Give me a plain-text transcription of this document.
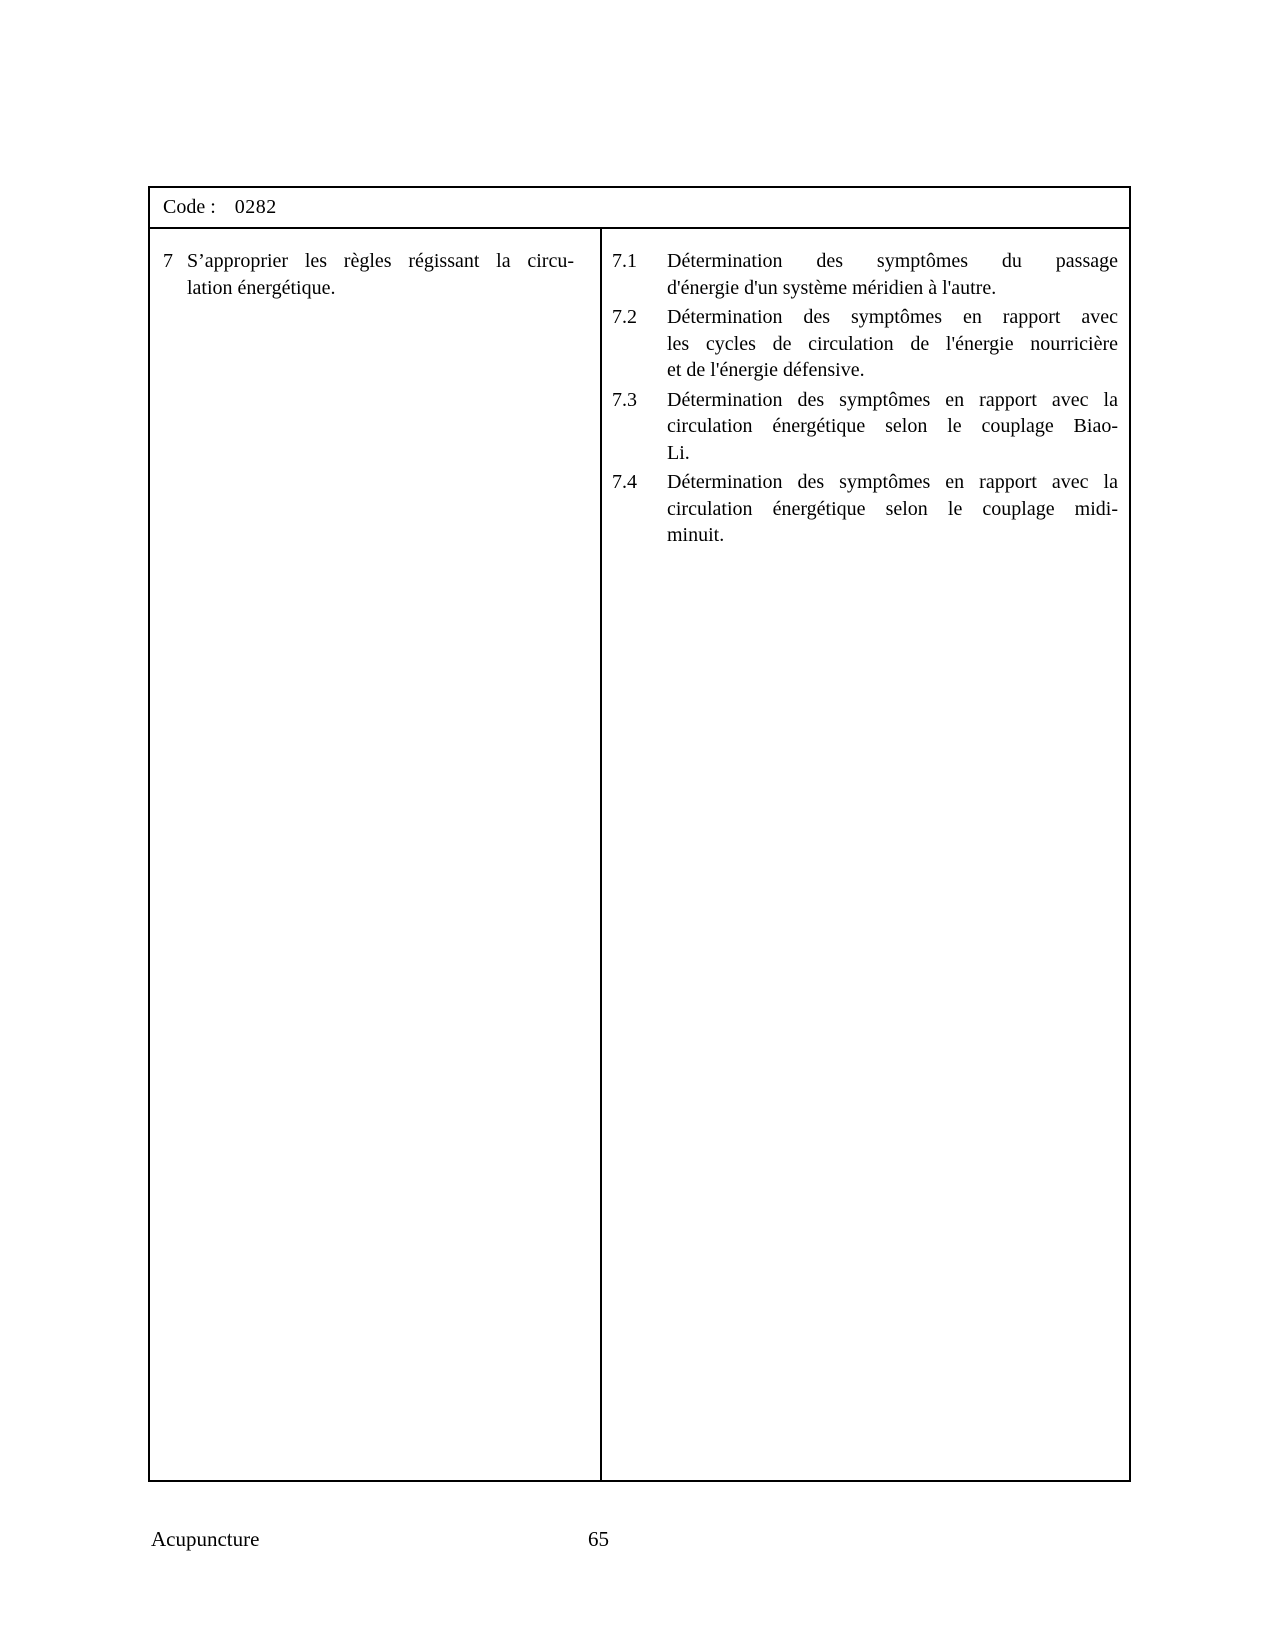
Code : 0282
7 S’approprier les règles régissant la circu-
lation énergétique.
7.1	Détermination des symptômes du passage
d'énergie d'un système méridien à l'autre.
7.2	Détermination des symptômes en rapport avec
les cycles de circulation de l'énergie nourricière
et de l'énergie défensive.
7.3	Détermination des symptômes en rapport avec la
circulation énergétique selon le couplage Biao-
Li.
7.4	Détermination des symptômes en rapport avec la
circulation énergétique selon le couplage midi-
minuit.
Acupuncture	65
